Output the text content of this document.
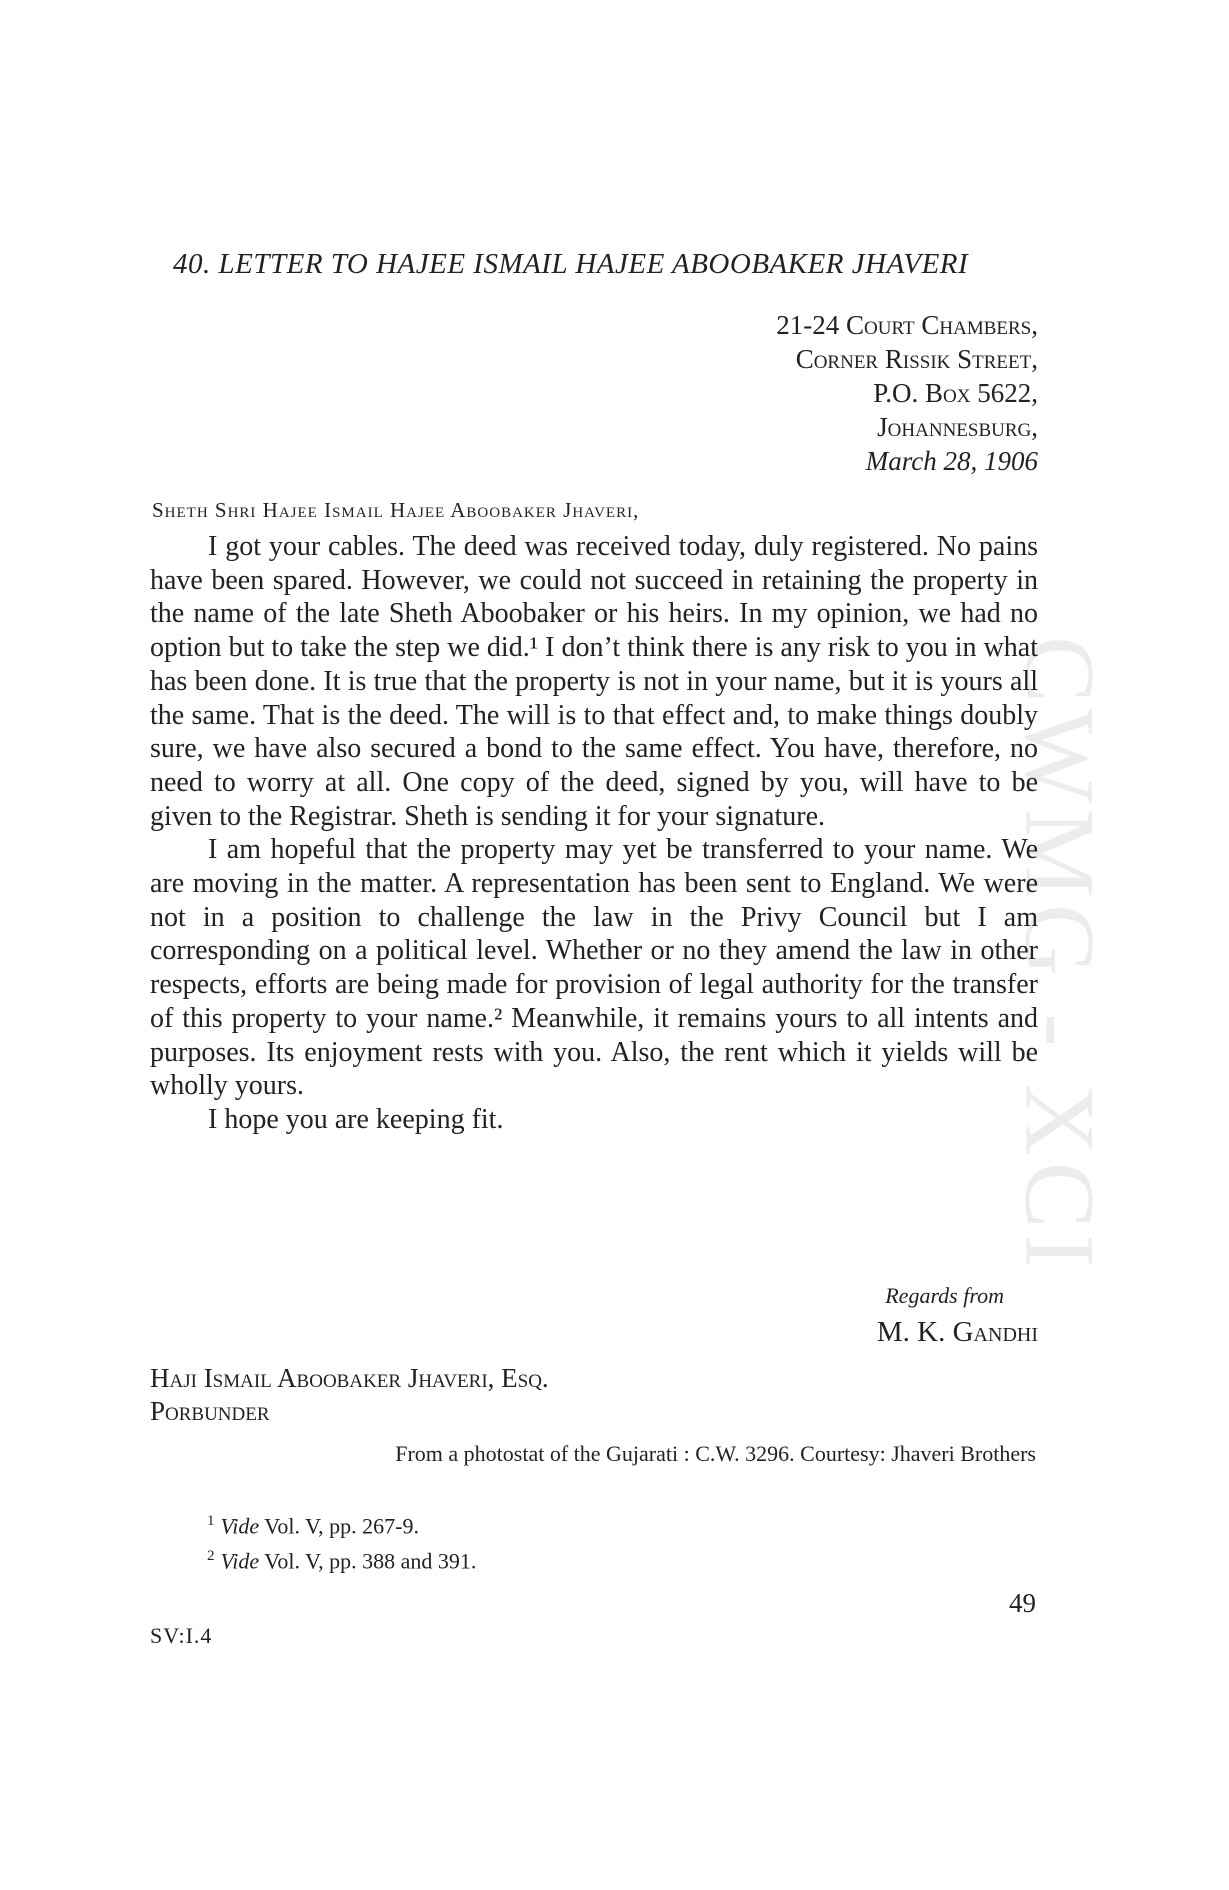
CWMG - XCI
40. LETTER TO HAJEE ISMAIL HAJEE ABOOBAKER JHAVERI
21-24 Court Chambers,
Corner Rissik Street,
P.O. Box 5622,
Johannesburg,
March 28, 1906
Sheth Shri Hajee Ismail Hajee Aboobaker Jhaveri,

I got your cables. The deed was received today, duly registered. No pains have been spared. However, we could not succeed in retaining the property in the name of the late Sheth Aboobaker or his heirs. In my opinion, we had no option but to take the step we did.¹ I don’t think there is any risk to you in what has been done. It is true that the property is not in your name, but it is yours all the same. That is the deed. The will is to that effect and, to make things doubly sure, we have also secured a bond to the same effect. You have, therefore, no need to worry at all. One copy of the deed, signed by you, will have to be given to the Registrar. Sheth is sending it for your signature.

I am hopeful that the property may yet be transferred to your name. We are moving in the matter. A representation has been sent to England. We were not in a position to challenge the law in the Privy Council but I am corresponding on a political level. Whether or no they amend the law in other respects, efforts are being made for provision of legal authority for the transfer of this property to your name.² Meanwhile, it remains yours to all intents and purposes. Its enjoyment rests with you. Also, the rent which it yields will be wholly yours.

I hope you are keeping fit.

Regards from
M. K. Gandhi
Haji Ismail Aboobaker Jhaveri, Esq.
Porbunder
From a photostat of the Gujarati : C.W. 3296. Courtesy: Jhaveri Brothers
$^1$ Vide Vol. V, pp. 267-9.
$^2$ Vide Vol. V, pp. 388 and 391.
49
SV:I.4
